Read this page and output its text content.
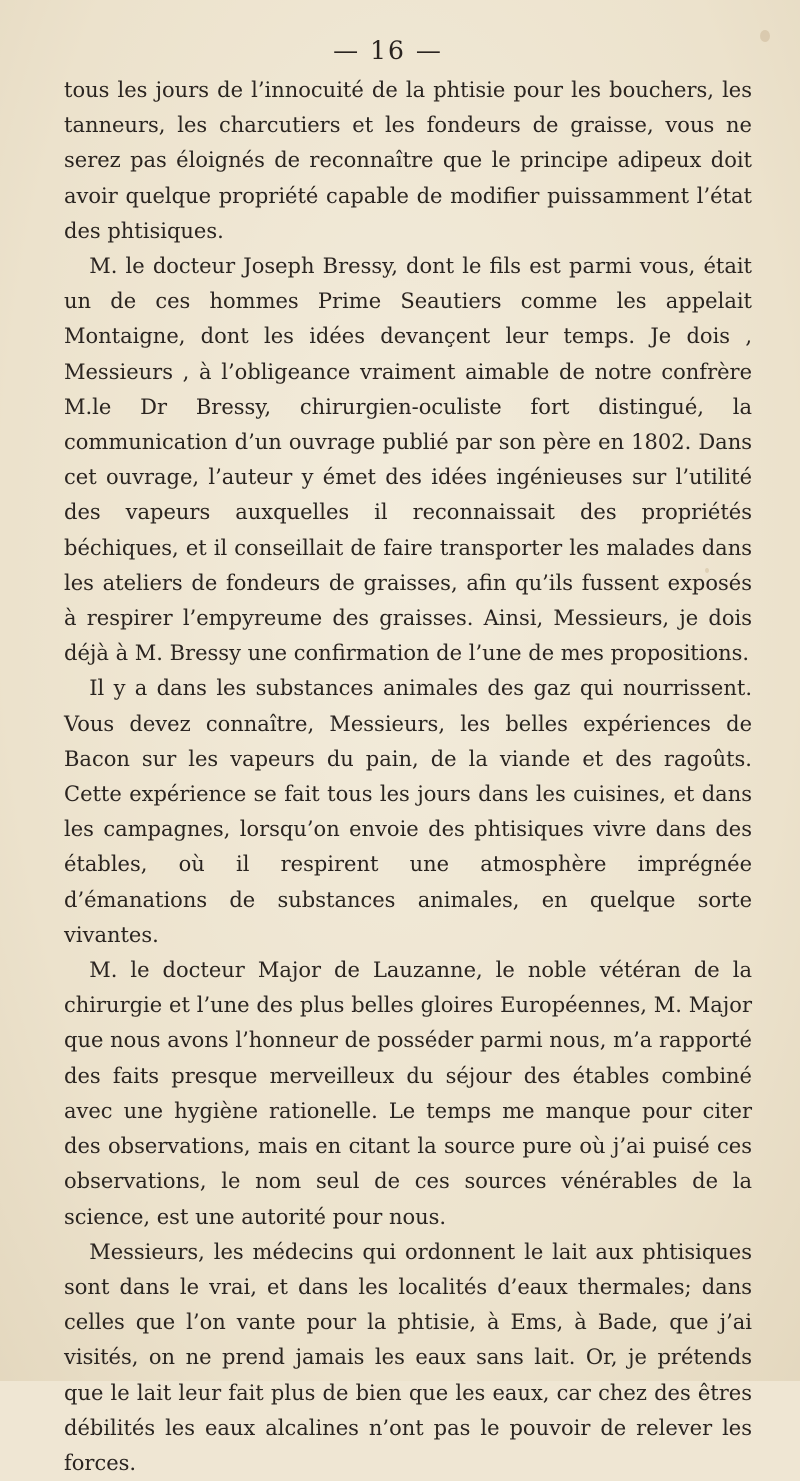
— 16 —

tous les jours de l’innocuité de la phtisie pour les bouchers, les tanneurs, les charcutiers et les fondeurs de graisse, vous ne serez pas éloignés de reconnaître que le principe adipeux doit avoir quelque propriété capable de modifier puissamment l’état des phtisiques.

M. le docteur Joseph Bressy, dont le fils est parmi vous, était un de ces hommes Prime Seautiers comme les appelait Montaigne, dont les idées devançent leur temps. Je dois , Messieurs , à l’obligeance vraiment aimable de notre confrère M.le Dr Bressy, chirurgien-oculiste fort distingué, la communication d’un ouvrage publié par son père en 1802. Dans cet ouvrage, l’auteur y émet des idées ingénieuses sur l’utilité des vapeurs auxquelles il reconnaissait des propriétés béchiques, et il conseillait de faire transporter les malades dans les ateliers de fondeurs de graisses, afin qu’ils fussent exposés à respirer l’empyreume des graisses. Ainsi, Messieurs, je dois déjà à M. Bressy une confirmation de l’une de mes propositions.

Il y a dans les substances animales des gaz qui nourrissent. Vous devez connaître, Messieurs, les belles expériences de Bacon sur les vapeurs du pain, de la viande et des ragoûts. Cette expérience se fait tous les jours dans les cuisines, et dans les campagnes, lorsqu’on envoie des phtisiques vivre dans des étables, où il respirent une atmosphère imprégnée d’émanations de substances animales, en quelque sorte vivantes.

M. le docteur Major de Lauzanne, le noble vétéran de la chirurgie et l’une des plus belles gloires Européennes, M. Major que nous avons l’honneur de posséder parmi nous, m’a rapporté des faits presque merveilleux du séjour des étables combiné avec une hygiène rationelle. Le temps me manque pour citer des observations, mais en citant la source pure où j’ai puisé ces observations, le nom seul de ces sources vénérables de la science, est une autorité pour nous.

Messieurs, les médecins qui ordonnent le lait aux phtisiques sont dans le vrai, et dans les localités d’eaux thermales; dans celles que l’on vante pour la phtisie, à Ems, à Bade, que j’ai visités, on ne prend jamais les eaux sans lait. Or, je prétends que le lait leur fait plus de bien que les eaux, car chez des êtres débilités les eaux alcalines n’ont pas le pouvoir de relever les forces.
